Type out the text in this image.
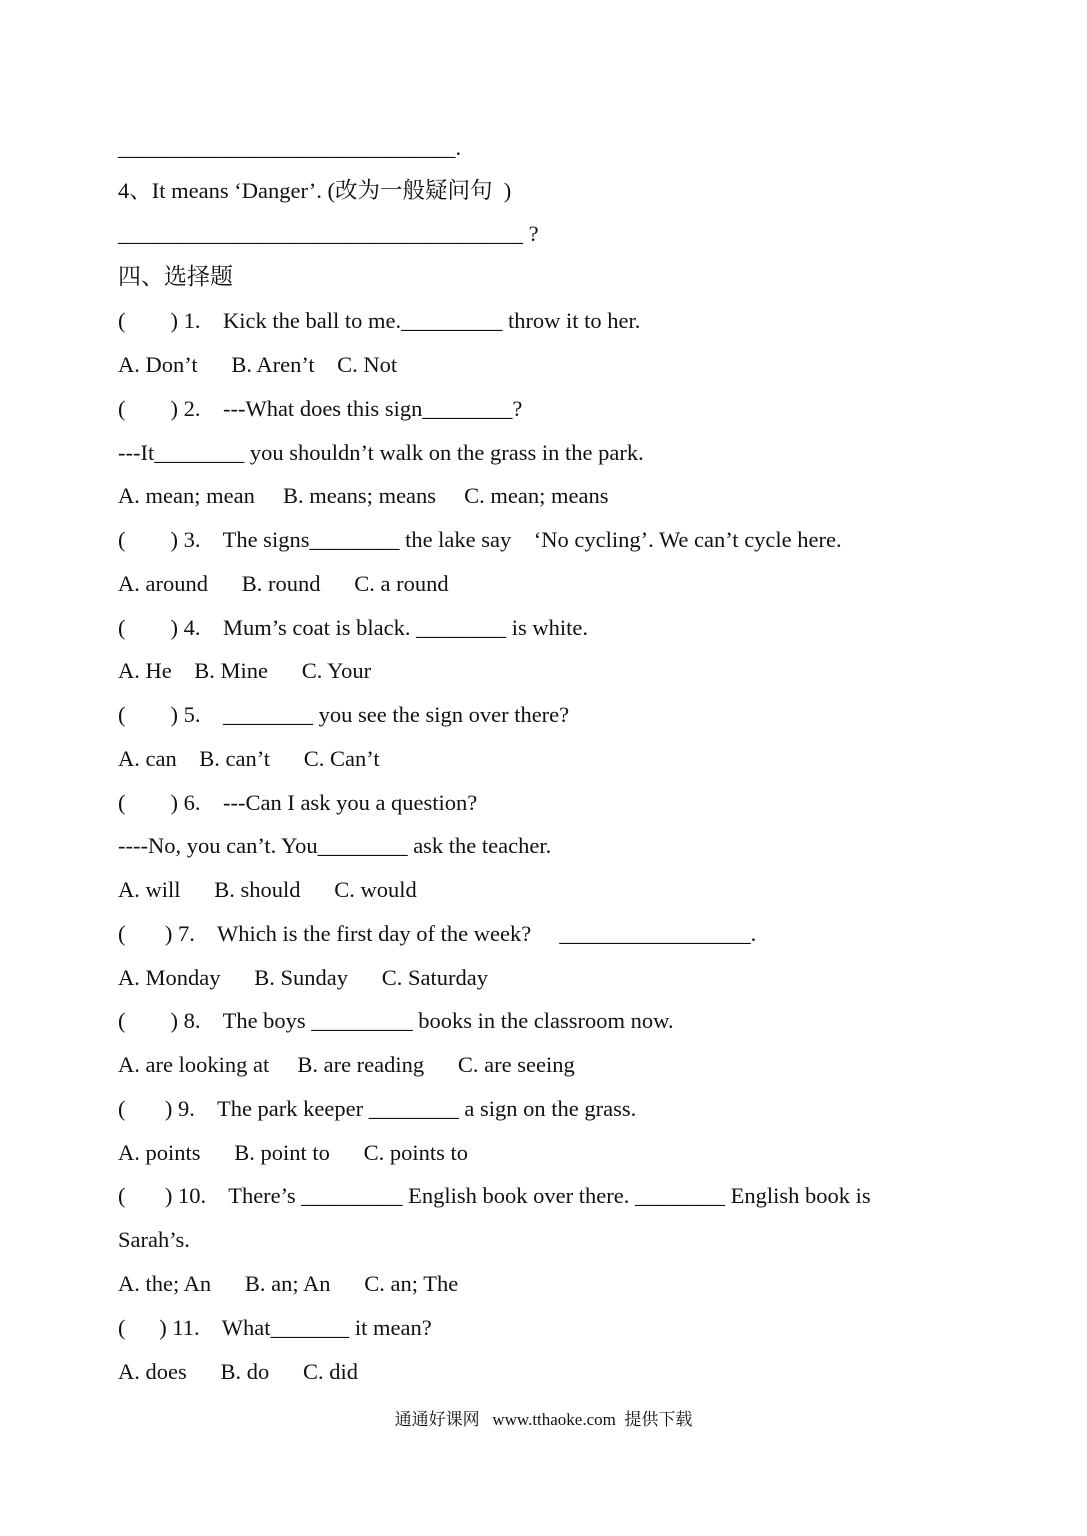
______________________________.
4、It means ‘Danger’. (改为一般疑问句  )
____________________________________ ?
四、选择题
(        ) 1.    Kick the ball to me._________ throw it to her.
A. Don’t      B. Aren’t    C. Not
(        ) 2.    ---What does this sign________?
---It________ you shouldn’t walk on the grass in the park.
A. mean; mean     B. means; means     C. mean; means
(        ) 3.    The signs________ the lake say    ‘No cycling’. We can’t cycle here.
A. around      B. round      C. a round
(        ) 4.    Mum’s coat is black. ________ is white.
A. He    B. Mine      C. Your
(        ) 5.    ________ you see the sign over there?
A. can    B. can’t      C. Can’t
(        ) 6.    ---Can I ask you a question?
----No, you can’t. You________ ask the teacher.
A. will      B. should      C. would
(       ) 7.    Which is the first day of the week?     _________________.
A. Monday      B. Sunday      C. Saturday
(        ) 8.    The boys _________ books in the classroom now.
A. are looking at     B. are reading      C. are seeing
(       ) 9.    The park keeper ________ a sign on the grass.
A. points      B. point to      C. points to
(       ) 10.    There’s _________ English book over there. ________ English book is
Sarah’s.
A. the; An      B. an; An      C. an; The
(      ) 11.    What_______ it mean?
A. does      B. do      C. did
通通好课网   www.tthaoke.com  提供下载
